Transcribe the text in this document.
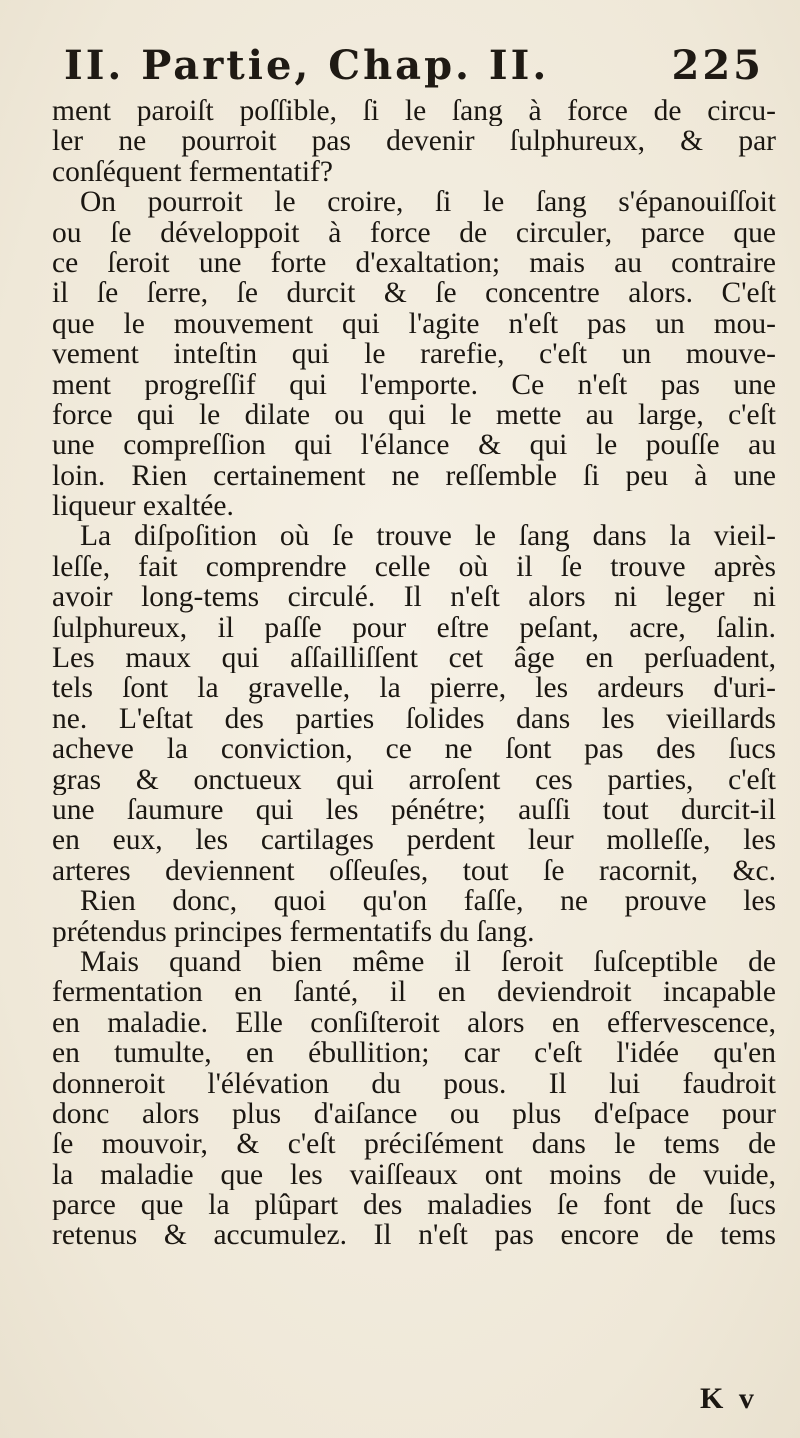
II. Partie, Chap. II.	225
ment paroiſt poſſible, ſi le ſang à force de circu-
ler ne pourroit pas devenir ſulphureux, & par
conſéquent fermentatif?
On pourroit le croire, ſi le ſang s'épanouiſſoit
ou ſe développoit à force de circuler, parce que
ce ſeroit une forte d'exaltation; mais au contraire
il ſe ſerre, ſe durcit & ſe concentre alors. C'eſt
que le mouvement qui l'agite n'eſt pas un mou-
vement inteſtin qui le rarefie, c'eſt un mouve-
ment progreſſif qui l'emporte. Ce n'eſt pas une
force qui le dilate ou qui le mette au large, c'eſt
une compreſſion qui l'élance & qui le pouſſe au
loin. Rien certainement ne reſſemble ſi peu à une
liqueur exaltée.
La diſpoſition où ſe trouve le ſang dans la vieil-
leſſe, fait comprendre celle où il ſe trouve après
avoir long-tems circulé. Il n'eſt alors ni leger ni
ſulphureux, il paſſe pour eſtre peſant, acre, ſalin.
Les maux qui aſſailliſſent cet âge en perſuadent,
tels ſont la gravelle, la pierre, les ardeurs d'uri-
ne. L'eſtat des parties ſolides dans les vieillards
acheve la conviction, ce ne ſont pas des ſucs
gras & onctueux qui arroſent ces parties, c'eſt
une ſaumure qui les pénétre; auſſi tout durcit-il
en eux, les cartilages perdent leur molleſſe, les
arteres deviennent oſſeuſes, tout ſe racornit, &c.
Rien donc, quoi qu'on faſſe, ne prouve les
prétendus principes fermentatifs du ſang.
Mais quand bien même il ſeroit ſuſceptible de
fermentation en ſanté, il en deviendroit incapable
en maladie. Elle conſiſteroit alors en effervescence,
en tumulte, en ébullition; car c'eſt l'idée qu'en
donneroit l'élévation du pous. Il lui faudroit
donc alors plus d'aiſance ou plus d'eſpace pour
ſe mouvoir, & c'eſt préciſément dans le tems de
la maladie que les vaiſſeaux ont moins de vuide,
parce que la plûpart des maladies ſe font de ſucs
retenus & accumulez. Il n'eſt pas encore de tems
K v
